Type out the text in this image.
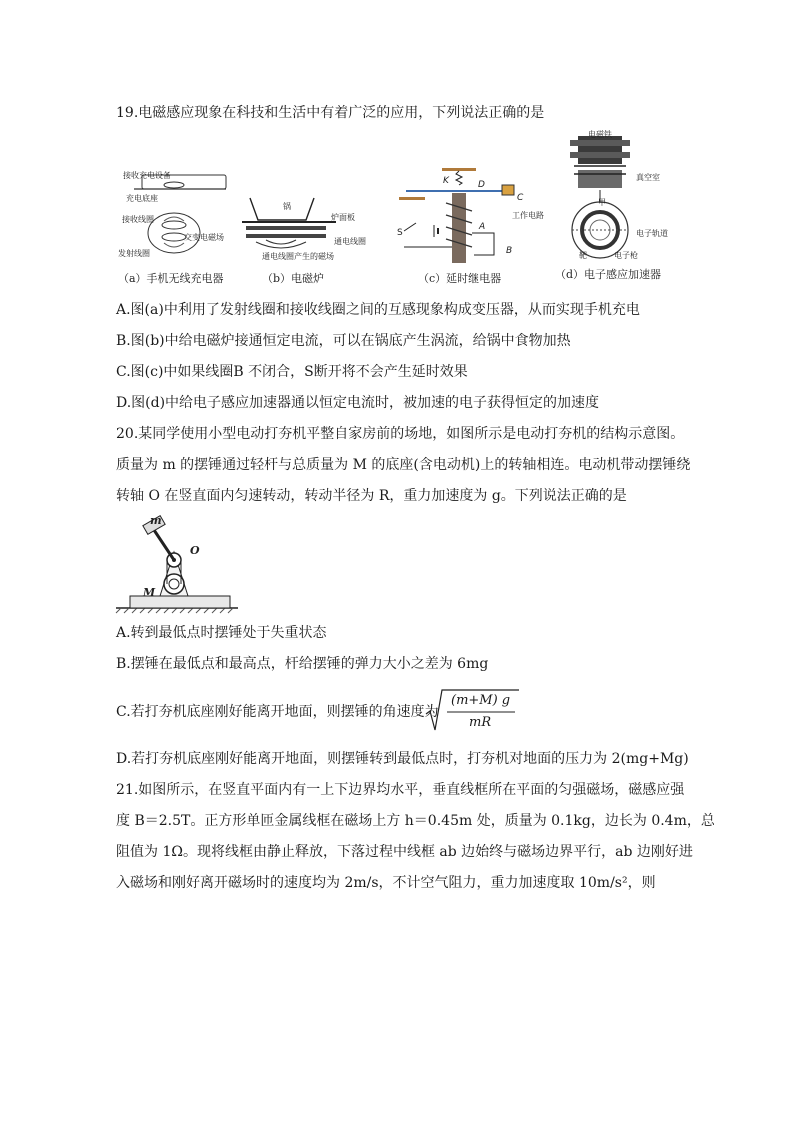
19.电磁感应现象在科技和生活中有着广泛的应用，下列说法正确的是
接收充电设备
充电底座
接收线圈
交变电磁场
发射线圈
（a）手机无线充电器
锅
炉面板
通电线圈
通电线圈产生的磁场
（b）电磁炉
K	D
C
S
A
B
工作电路
（c）延时继电器
电磁铁
真空室
甲
电子轨道
靶	电子枪
（d）电子感应加速器
A.图(a)中利用了发射线圈和接收线圈之间的互感现象构成变压器，从而实现手机充电
B.图(b)中给电磁炉接通恒定电流，可以在锅底产生涡流，给锅中食物加热
C.图(c)中如果线圈B 不闭合，S断开将不会产生延时效果
D.图(d)中给电子感应加速器通以恒定电流时，被加速的电子获得恒定的加速度
20.某同学使用小型电动打夯机平整自家房前的场地，如图所示是电动打夯机的结构示意图。
质量为 m 的摆锤通过轻杆与总质量为 M 的底座(含电动机)上的转轴相连。电动机带动摆锤绕
转轴 O 在竖直面内匀速转动，转动半径为 R，重力加速度为 g。下列说法正确的是
m
O
M
A.转到最低点时摆锤处于失重状态
B.摆锤在最低点和最高点，杆给摆锤的弹力大小之差为 6mg
C.若打夯机底座刚好能离开地面，则摆锤的角速度为
(m+M) g
mR
D.若打夯机底座刚好能离开地面，则摆锤转到最低点时，打夯机对地面的压力为 2(mg+Mg)
21.如图所示，在竖直平面内有一上下边界均水平，垂直线框所在平面的匀强磁场，磁感应强
度 B＝2.5T。正方形单匝金属线框在磁场上方 h＝0.45m 处，质量为 0.1kg，边长为 0.4m，总
阻值为 1Ω。现将线框由静止释放，下落过程中线框 ab 边始终与磁场边界平行，ab 边刚好进
入磁场和刚好离开磁场时的速度均为 2m/s，不计空气阻力，重力加速度取 10m/s²，则
